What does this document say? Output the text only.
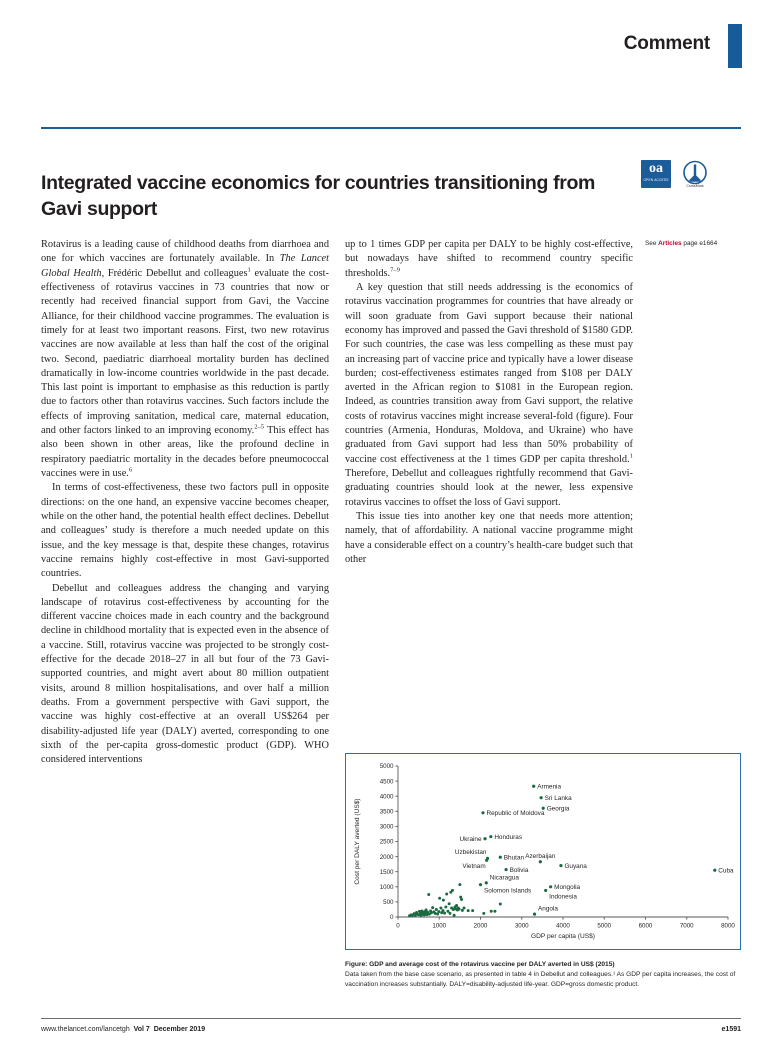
Comment
Integrated vaccine economics for countries transitioning from Gavi support
oa
OPEN ACCESS
CrossMark
See Articles page e1664

Rotavirus is a leading cause of childhood deaths from diarrhoea and one for which vaccines are fortunately available. In The Lancet Global Health, Frédéric Debellut and colleagues$^1$ evaluate the cost-effectiveness of rotavirus vaccines in 73 countries that now or recently had received financial support from Gavi, the Vaccine Alliance, for their childhood vaccine programmes. The evaluation is timely for at least two important reasons. First, two new rotavirus vaccines are now available at less than half the cost of the original two. Second, paediatric diarrhoeal mortality burden has declined dramatically in low-income countries worldwide in the past decade. This last point is important to emphasise as this reduction is partly due to factors other than rotavirus vaccines. Such factors include the effects of improving sanitation, medical care, maternal education, and other factors linked to an improving economy.$^{2-5}$ This effect has also been shown in other areas, like the profound decline in respiratory paediatric mortality in the decades before pneumococcal vaccines were in use.$^6$

In terms of cost-effectiveness, these two factors pull in opposite directions: on the one hand, an expensive vaccine becomes cheaper, while on the other hand, the potential health effect declines. Debellut and colleagues’ study is therefore a much needed update on this issue, and the key message is that, despite these changes, rotavirus vaccine remains highly cost-effective in most Gavi-supported countries.

Debellut and colleagues address the changing and varying landscape of rotavirus cost-effectiveness by accounting for the different vaccine choices made in each country and the background decline in childhood mortality that is expected even in the absence of a vaccine. Still, rotavirus vaccine was projected to be strongly cost-effective for the decade 2018–27 in all but four of the 73 Gavi-supported countries, and might avert about 80 million outpatient visits, around 8 million hospitalisations, and over half a million deaths. From a government perspective with Gavi support, the vaccine was highly cost-effective at an overall US$264 per disability-adjusted life year (DALY) averted, corresponding to one sixth of the per-capita gross-domestic product (GDP). WHO considered interventions

up to 1 times GDP per capita per DALY to be highly cost-effective, but nowadays have shifted to recommend country specific thresholds.$^{7-9}$

A key question that still needs addressing is the economics of rotavirus vaccination programmes for countries that have already or will soon graduate from Gavi support because their national economy has improved and passed the Gavi threshold of $1580 GDP. For such countries, the case was less compelling as these must pay an increasing part of vaccine price and typically have a lower disease burden; cost-effectiveness estimates ranged from $108 per DALY averted in the African region to $1081 in the European region. Indeed, as countries transition away from Gavi support, the relative costs of rotavirus vaccines might increase several-fold (figure). Four countries (Armenia, Honduras, Moldova, and Ukraine) who have graduated from Gavi support had less than 50% probability of vaccine cost effectiveness at the 1 times GDP per capita threshold.$^1$ Therefore, Debellut and colleagues rightfully recommend that Gavi-graduating countries should look at the newer, less expensive rotavirus vaccines to offset the loss of Gavi support.

This issue ties into another key one that needs more attention; namely, that of affordability. A national vaccine programme might have a considerable effect on a country’s health-care budget such that other

0
500
1000
1500
2000
2500
3000
3500
4000
4500
5000
0	1000	2000	3000	4000	5000	6000	7000	8000
GDP per capita (US$)
Cost per DALY averted (US$)
Armenia
Sri Lanka
Georgia
Republic of Moldova
Honduras
Ukraine
Uzbekistan
Vietnam
Bhutan
Bolivia
Azerbaijan
Guyana
Cuba
Nicaragua
Solomon Islands
Mongolia
Indonesia
Angola
Figure: GDP and average cost of the rotavirus vaccine per DALY averted in US$ (2015)
Data taken from the base case scenario, as presented in table 4 in Debellut and colleagues.¹ As GDP per capita increases, the cost of vaccination increases substantially. DALY=disability-adjusted life-year. GDP=gross domestic product.
www.thelancet.com/lancetgh Vol 7 December 2019	e1591
